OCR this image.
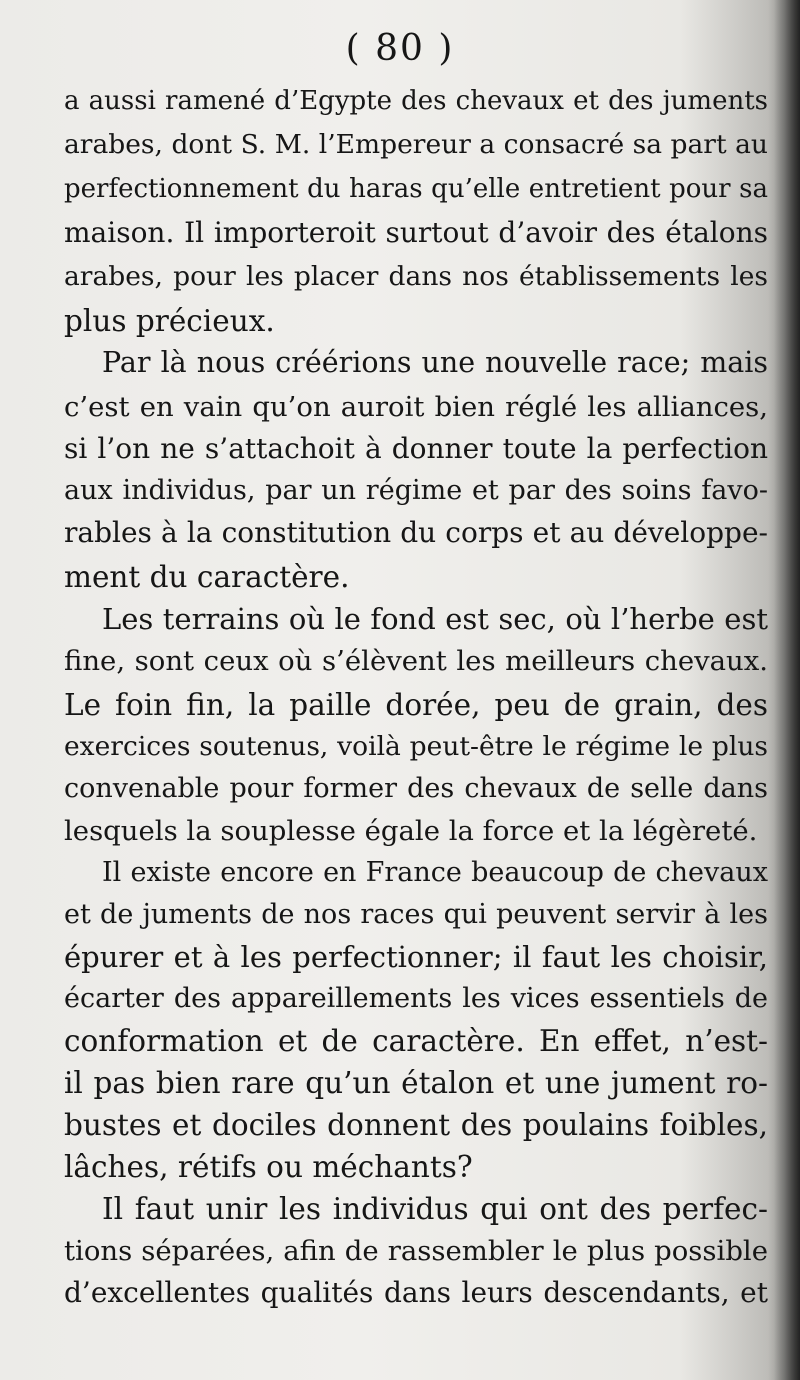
( 80 )
a aussi ramené d’Egypte des chevaux et des juments
arabes, dont S. M. l’Empereur a consacré sa part au
perfectionnement du haras qu’elle entretient pour sa
maison. Il importeroit surtout d’avoir des étalons
arabes, pour les placer dans nos établissements les
plus précieux.
Par là nous créérions une nouvelle race; mais
c’est en vain qu’on auroit bien réglé les alliances,
si l’on ne s’attachoit à donner toute la perfection
aux individus, par un régime et par des soins favo-
rables à la constitution du corps et au développe-
ment du caractère.
Les terrains où le fond est sec, où l’herbe est
fine, sont ceux où s’élèvent les meilleurs chevaux.
Le foin fin, la paille dorée, peu de grain, des
exercices soutenus, voilà peut-être le régime le plus
convenable pour former des chevaux de selle dans
lesquels la souplesse égale la force et la légèreté.
Il existe encore en France beaucoup de chevaux
et de juments de nos races qui peuvent servir à les
épurer et à les perfectionner; il faut les choisir,
écarter des appareillements les vices essentiels de
conformation et de caractère. En effet, n’est-
il pas bien rare qu’un étalon et une jument ro-
bustes et dociles donnent des poulains foibles,
lâches, rétifs ou méchants?
Il faut unir les individus qui ont des perfec-
tions séparées, afin de rassembler le plus possible
d’excellentes qualités dans leurs descendants, et
